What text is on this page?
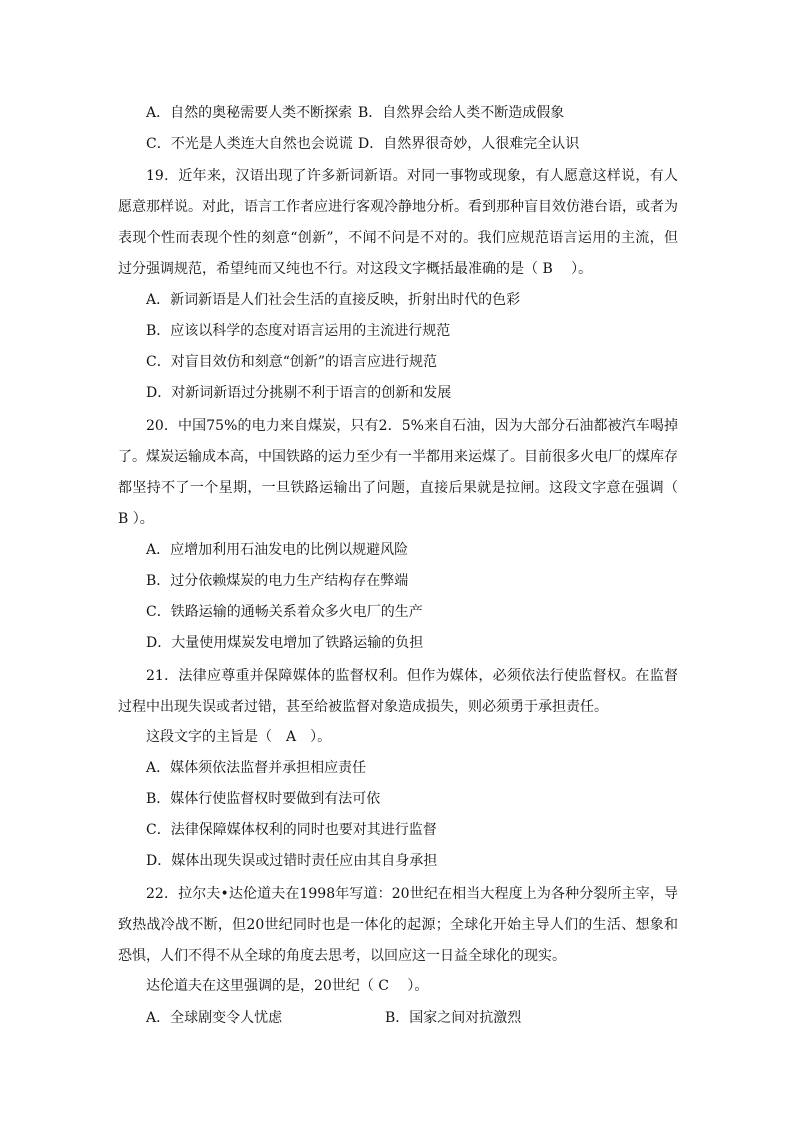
A．自然的奥秘需要人类不断探索 B．自然界会给人类不断造成假象
C．不光是人类连大自然也会说谎 D．自然界很奇妙，人很难完全认识
19．近年来，汉语出现了许多新词新语。对同一事物或现象，有人愿意这样说，有人愿意那样说。对此，语言工作者应进行客观冷静地分析。看到那种盲目效仿港台语，或者为表现个性而表现个性的刻意“创新”，不闻不问是不对的。我们应规范语言运用的主流，但过分强调规范，希望纯而又纯也不行。对这段文字概括最准确的是（ B　 ）。
A．新词新语是人们社会生活的直接反映，折射出时代的色彩
B．应该以科学的态度对语言运用的主流进行规范
C．对盲目效仿和刻意“创新”的语言应进行规范
D．对新词新语过分挑剔不利于语言的创新和发展
20．中国75%的电力来自煤炭，只有2．5%来自石油，因为大部分石油都被汽车喝掉了。煤炭运输成本高，中国铁路的运力至少有一半都用来运煤了。目前很多火电厂的煤库存都坚持不了一个星期，一旦铁路运输出了问题，直接后果就是拉闸。这段文字意在强调（　B ）。
A．应增加利用石油发电的比例以规避风险
B．过分依赖煤炭的电力生产结构存在弊端
C．铁路运输的通畅关系着众多火电厂的生产
D．大量使用煤炭发电增加了铁路运输的负担
21．法律应尊重并保障媒体的监督权利。但作为媒体，必须依法行使监督权。在监督过程中出现失误或者过错，甚至给被监督对象造成损失，则必须勇于承担责任。
这段文字的主旨是（　A　）。
A．媒体须依法监督并承担相应责任
B．媒体行使监督权时要做到有法可依
C．法律保障媒体权利的同时也要对其进行监督
D．媒体出现失误或过错时责任应由其自身承担
22．拉尔夫•达伦道夫在1998年写道：20世纪在相当大程度上为各种分裂所主宰，导致热战冷战不断，但20世纪同时也是一体化的起源；全球化开始主导人们的生活、想象和恐惧，人们不得不从全球的角度去思考，以回应这一日益全球化的现实。
达伦道夫在这里强调的是，20世纪（ C　 ）。
A．全球剧变令人忧虑	B．国家之间对抗激烈
